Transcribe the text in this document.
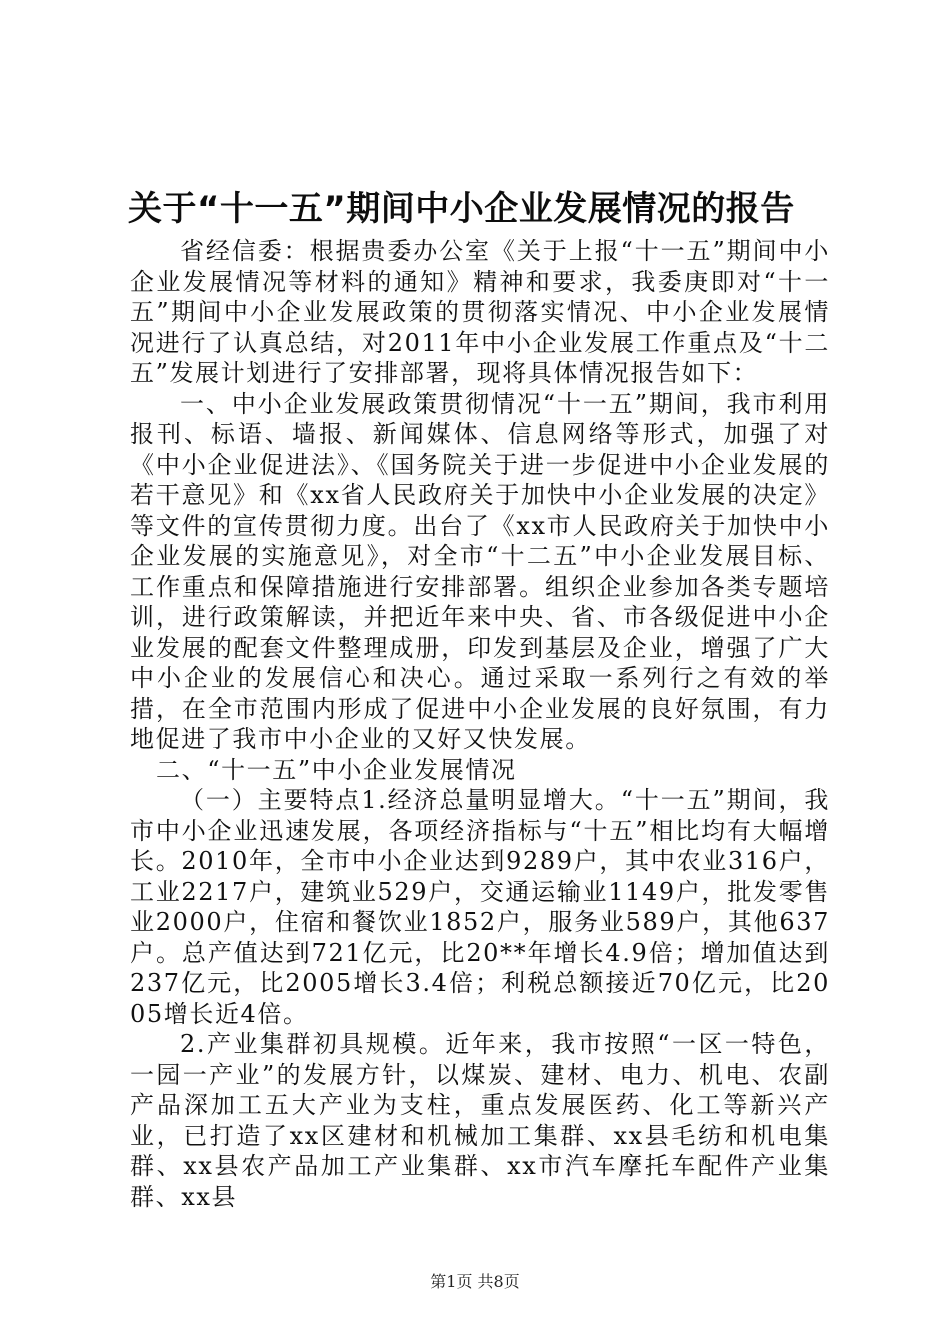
关于“十一五”期间中小企业发展情况的报告

省经信委：根据贵委办公室《关于上报“十一五”期间中小企业发展情况等材料的通知》精神和要求，我委庚即对“十一五”期间中小企业发展政策的贯彻落实情况、中小企业发展情况进行了认真总结，对2011年中小企业发展工作重点及“十二五”发展计划进行了安排部署，现将具体情况报告如下：

一、中小企业发展政策贯彻情况“十一五”期间，我市利用报刊、标语、墙报、新闻媒体、信息网络等形式，加强了对《中小企业促进法》、《国务院关于进一步促进中小企业发展的若干意见》和《xx省人民政府关于加快中小企业发展的决定》等文件的宣传贯彻力度。出台了《xx市人民政府关于加快中小企业发展的实施意见》，对全市“十二五”中小企业发展目标、工作重点和保障措施进行安排部署。组织企业参加各类专题培训，进行政策解读，并把近年来中央、省、市各级促进中小企业发展的配套文件整理成册，印发到基层及企业，增强了广大中小企业的发展信心和决心。通过采取一系列行之有效的举措，在全市范围内形成了促进中小企业发展的良好氛围，有力地促进了我市中小企业的又好又快发展。

二、“十一五”中小企业发展情况

（一）主要特点1.经济总量明显增大。“十一五”期间，我市中小企业迅速发展，各项经济指标与“十五”相比均有大幅增长。2010年，全市中小企业达到9289户，其中农业316户，工业2217户，建筑业529户，交通运输业1149户，批发零售业2000户，住宿和餐饮业1852户，服务业589户，其他637户。总产值达到721亿元，比20**年增长4.9倍；增加值达到237亿元，比2005增长3.4倍；利税总额接近70亿元，比2005增长近4倍。

2.产业集群初具规模。近年来，我市按照“一区一特色，一园一产业”的发展方针，以煤炭、建材、电力、机电、农副产品深加工五大产业为支柱，重点发展医药、化工等新兴产业，已打造了xx区建材和机械加工集群、xx县毛纺和机电集群、xx县农产品加工产业集群、xx市汽车摩托车配件产业集群、xx县

第1页 共8页
